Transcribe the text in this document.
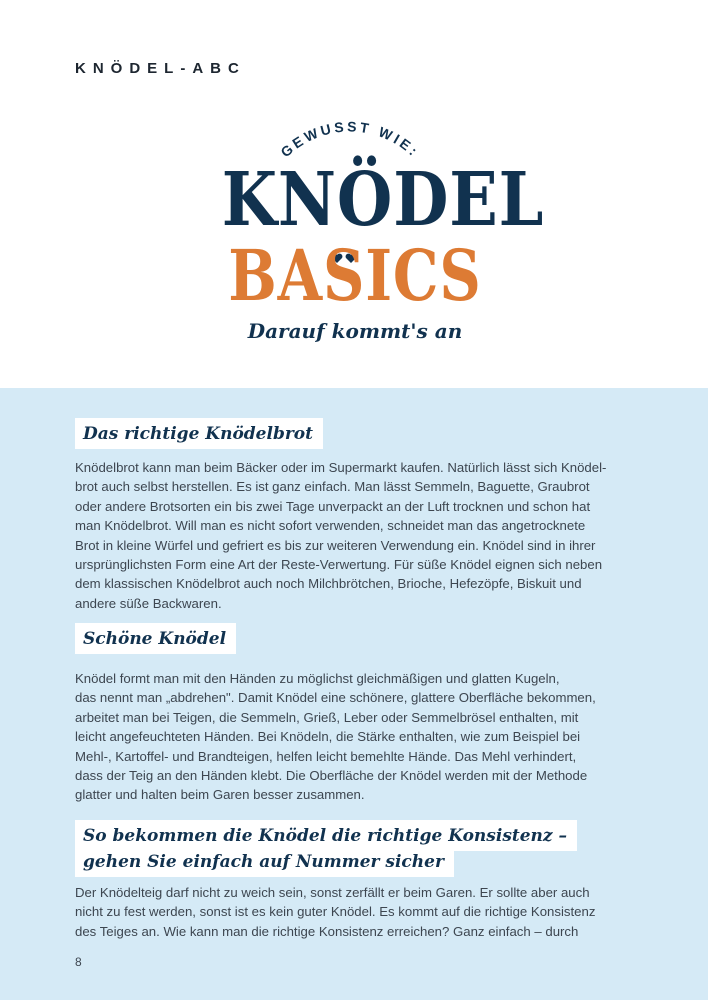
KNÖDEL-ABC
GEWUSST WIE:
KNÖDEL
BASICS
Darauf kommt's an
Das richtige Knödelbrot

Knödelbrot kann man beim Bäcker oder im Supermarkt kaufen. Natürlich lässt sich Knödel-
brot auch selbst herstellen. Es ist ganz einfach. Man lässt Semmeln, Baguette, Graubrot
oder andere Brotsorten ein bis zwei Tage unverpackt an der Luft trocknen und schon hat
man Knödelbrot. Will man es nicht sofort verwenden, schneidet man das angetrocknete
Brot in kleine Würfel und gefriert es bis zur weiteren Verwendung ein. Knödel sind in ihrer
ursprünglichsten Form eine Art der Reste-Verwertung. Für süße Knödel eignen sich neben
dem klassischen Knödelbrot auch noch Milchbrötchen, Brioche, Hefezöpfe, Biskuit und
andere süße Backwaren.

Schöne Knödel

Knödel formt man mit den Händen zu möglichst gleichmäßigen und glatten Kugeln,
das nennt man „abdrehen". Damit Knödel eine schönere, glattere Oberfläche bekommen,
arbeitet man bei Teigen, die Semmeln, Grieß, Leber oder Semmelbrösel enthalten, mit
leicht angefeuchteten Händen. Bei Knödeln, die Stärke enthalten, wie zum Beispiel bei
Mehl-, Kartoffel- und Brandteigen, helfen leicht bemehlte Hände. Das Mehl verhindert,
dass der Teig an den Händen klebt. Die Oberfläche der Knödel werden mit der Methode
glatter und halten beim Garen besser zusammen.

So bekommen die Knödel die richtige Konsistenz –
gehen Sie einfach auf Nummer sicher

Der Knödelteig darf nicht zu weich sein, sonst zerfällt er beim Garen. Er sollte aber auch
nicht zu fest werden, sonst ist es kein guter Knödel. Es kommt auf die richtige Konsistenz
des Teiges an. Wie kann man die richtige Konsistenz erreichen? Ganz einfach – durch

8
